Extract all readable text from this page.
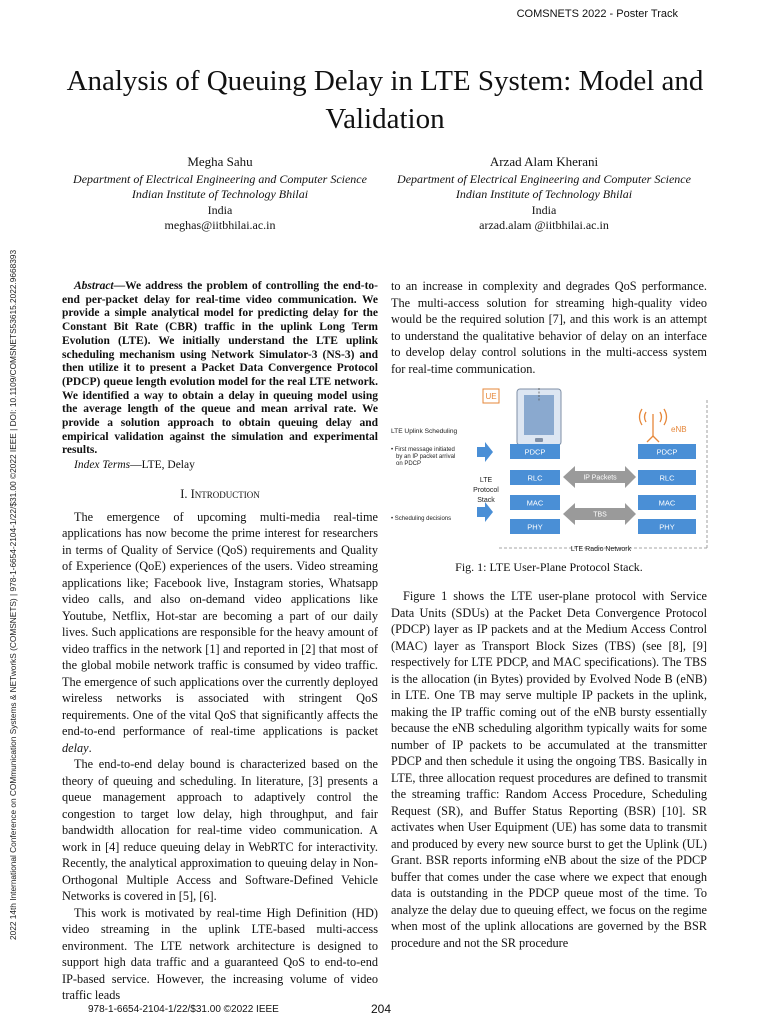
COMSNETS 2022 - Poster Track
2022 14th International Conference on COMmunication Systems & NETworkS (COMSNETS) | 978-1-6654-2104-1/22/$31.00 ©2022 IEEE | DOI: 10.1109/COMSNETS53615.2022.9668393
Analysis of Queuing Delay in LTE System: Model and Validation
Megha Sahu
Department of Electrical Engineering and Computer Science
Indian Institute of Technology Bhilai
India
meghas@iitbhilai.ac.in
Arzad Alam Kherani
Department of Electrical Engineering and Computer Science
Indian Institute of Technology Bhilai
India
arzad.alam @iitbhilai.ac.in

Abstract—We address the problem of controlling the end-to-end per-packet delay for real-time video communication. We provide a simple analytical model for predicting delay for the Constant Bit Rate (CBR) traffic in the uplink Long Term Evolution (LTE). We initially understand the LTE uplink scheduling mechanism using Network Simulator-3 (NS-3) and then utilize it to present a Packet Data Convergence Protocol (PDCP) queue length evolution model for the real LTE network. We identified a way to obtain a delay in queuing model using the average length of the queue and mean arrival rate. We provide a solution approach to obtain queuing delay and empirical validation against the simulation and experimental results.

Index Terms—LTE, Delay

I. Introduction

The emergence of upcoming multi-media real-time applications has now become the prime interest for researchers in terms of Quality of Service (QoS) requirements and Quality of Experience (QoE) experiences of the users. Video streaming applications like; Facebook live, Instagram stories, Whatsapp video calls, and also on-demand video applications like Youtube, Netflix, Hot-star are becoming a part of our daily lives. Such applications are responsible for the heavy amount of video traffics in the network [1] and reported in [2] that most of the global mobile network traffic is consumed by video traffic. The emergence of such applications over the currently deployed wireless networks is associated with stringent QoS requirements. One of the vital QoS that significantly affects the end-to-end performance of real-time applications is packet delay.

The end-to-end delay bound is characterized based on the theory of queuing and scheduling. In literature, [3] presents a queue management approach to adaptively control the congestion to target low delay, high throughput, and fair bandwidth allocation for real-time video communication. A work in [4] reduce queuing delay in WebRTC for interactivity. Recently, the analytical approximation to queuing delay in Non-Orthogonal Multiple Access and Software-Defined Vehicle Networks is covered in [5], [6].

This work is motivated by real-time High Definition (HD) video streaming in the uplink LTE-based multi-access environment. The LTE network architecture is designed to support high data traffic and a guaranteed QoS to end-to-end IP-based service. However, the increasing volume of video traffic leads

to an increase in complexity and degrades QoS performance. The multi-access solution for streaming high-quality video would be the required solution [7], and this work is an attempt to understand the qualitative behavior of delay on an interface to develop delay control solutions in the multi-access system for real-time communication.

UE
eNB
LTE Uplink Scheduling
• First message initiated by an IP packet arrival on PDCP
• Scheduling decisions
LTE
Protocol
Stack
PDCP
RLC
MAC
PHY
PDCP
RLC
MAC
PHY
IP Packets
TBS
LTE Radio Network
Fig. 1: LTE User-Plane Protocol Stack.

Figure 1 shows the LTE user-plane protocol with Service Data Units (SDUs) at the Packet Deta Convergence Protocol (PDCP) layer as IP packets and at the Medium Access Control (MAC) layer as Transport Block Sizes (TBS) (see [8], [9] respectively for LTE PDCP, and MAC specifications). The TBS is the allocation (in Bytes) provided by Evolved Node B (eNB) in LTE. One TB may serve multiple IP packets in the uplink, making the IP traffic coming out of the eNB bursty essentially because the eNB scheduling algorithm typically waits for some number of IP packets to be accumulated at the transmitter PDCP and then schedule it using the ongoing TBS. Basically in LTE, three allocation request procedures are defined to transmit the streaming traffic: Random Access Procedure, Scheduling Request (SR), and Buffer Status Reporting (BSR) [10]. SR activates when User Equipment (UE) has some data to transmit and produced by every new source burst to get the Uplink (UL) Grant. BSR reports informing eNB about the size of the PDCP buffer that comes under the case where we expect that enough data is outstanding in the PDCP queue most of the time. To analyze the delay due to queuing effect, we focus on the regime when most of the uplink allocations are governed by the BSR procedure and not the SR procedure

978-1-6654-2104-1/22/$31.00 ©2022 IEEE	204
